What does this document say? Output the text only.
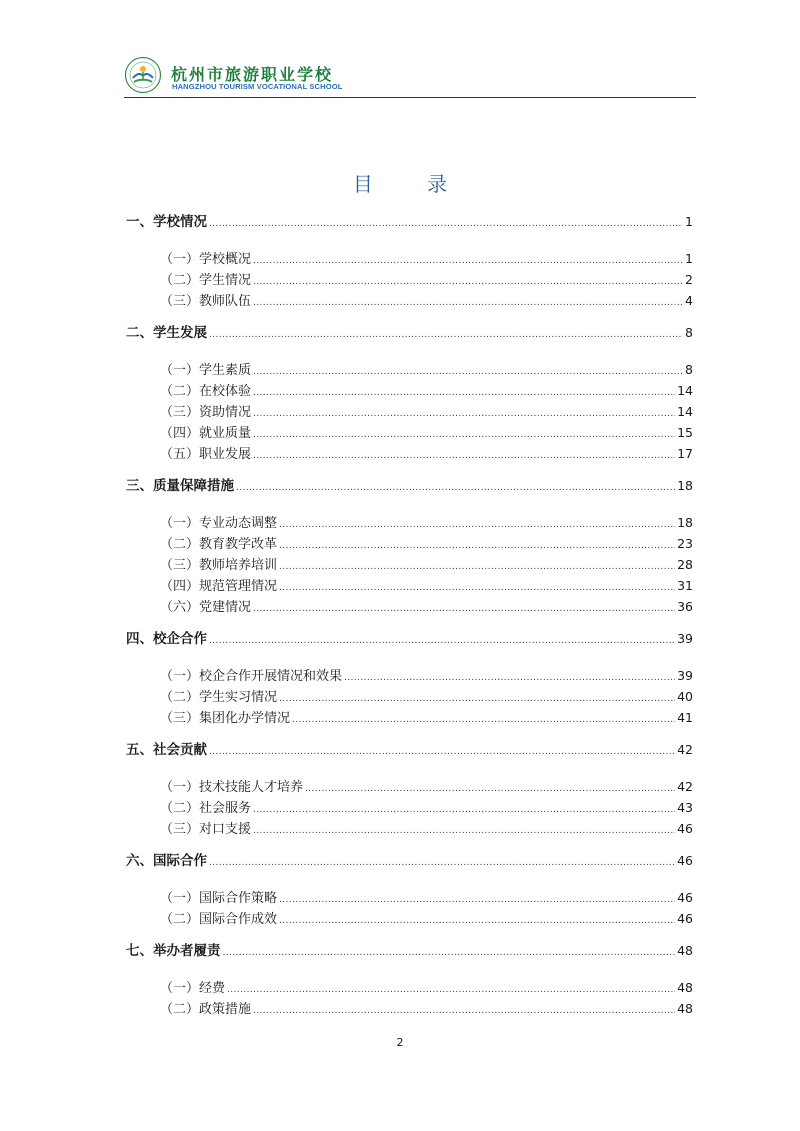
杭州市旅游职业学校
HANGZHOU TOURISM VOCATIONAL SCHOOL
目 录
一、学校情况 .....	1
（一）学校概况 .....	1
（二）学生情况 .....	2
（三）教师队伍 .....	4
二、学生发展 .....	8
（一）学生素质 .....	8
（二）在校体验 .....	14
（三）资助情况 .....	14
（四）就业质量 .....	15
（五）职业发展 .....	17
三、质量保障措施 .....	18
（一）专业动态调整 .....	18
（二）教育教学改革 .....	23
（三）教师培养培训 .....	28
（四）规范管理情况 .....	31
（六）党建情况 .....	36
四、校企合作 .....	39
（一）校企合作开展情况和效果 .....	39
（二）学生实习情况 .....	40
（三）集团化办学情况 .....	41
五、社会贡献 .....	42
（一）技术技能人才培养 .....	42
（二）社会服务 .....	43
（三）对口支援 .....	46
六、国际合作 .....	46
（一）国际合作策略 .....	46
（二）国际合作成效 .....	46
七、举办者履责 .....	48
（一）经费 .....	48
（二）政策措施 .....	48
2
